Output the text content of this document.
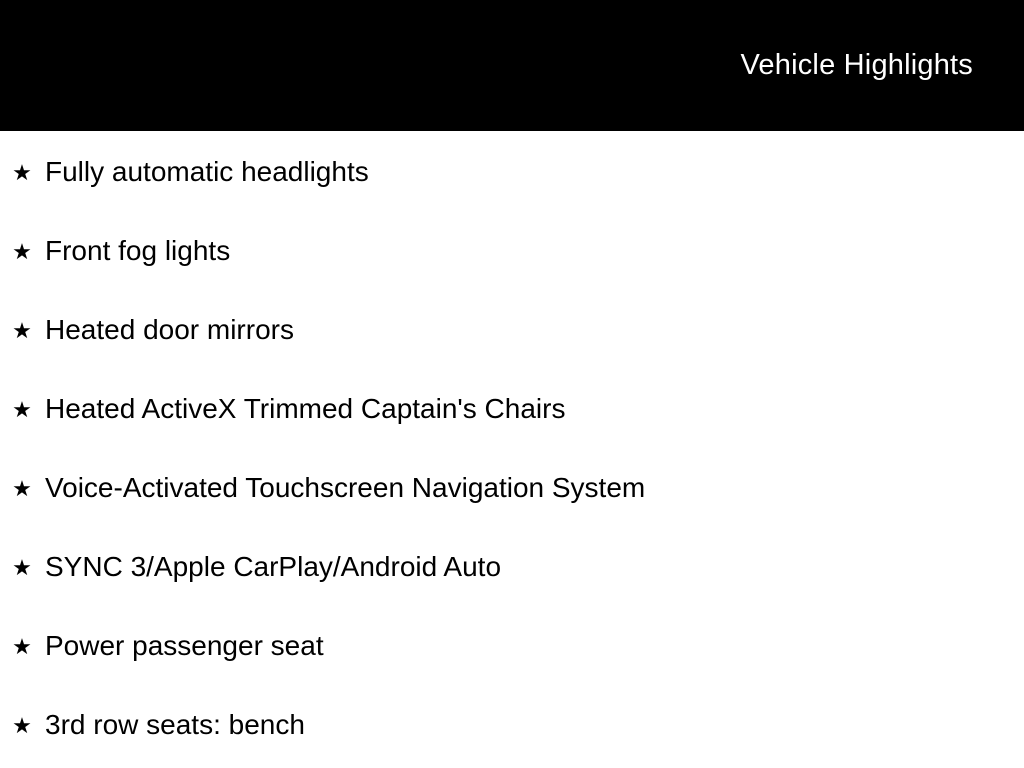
Vehicle Highlights
★ Fully automatic headlights
★ Front fog lights
★ Heated door mirrors
★ Heated ActiveX Trimmed Captain's Chairs
★ Voice-Activated Touchscreen Navigation System
★ SYNC 3/Apple CarPlay/Android Auto
★ Power passenger seat
★ 3rd row seats: bench
